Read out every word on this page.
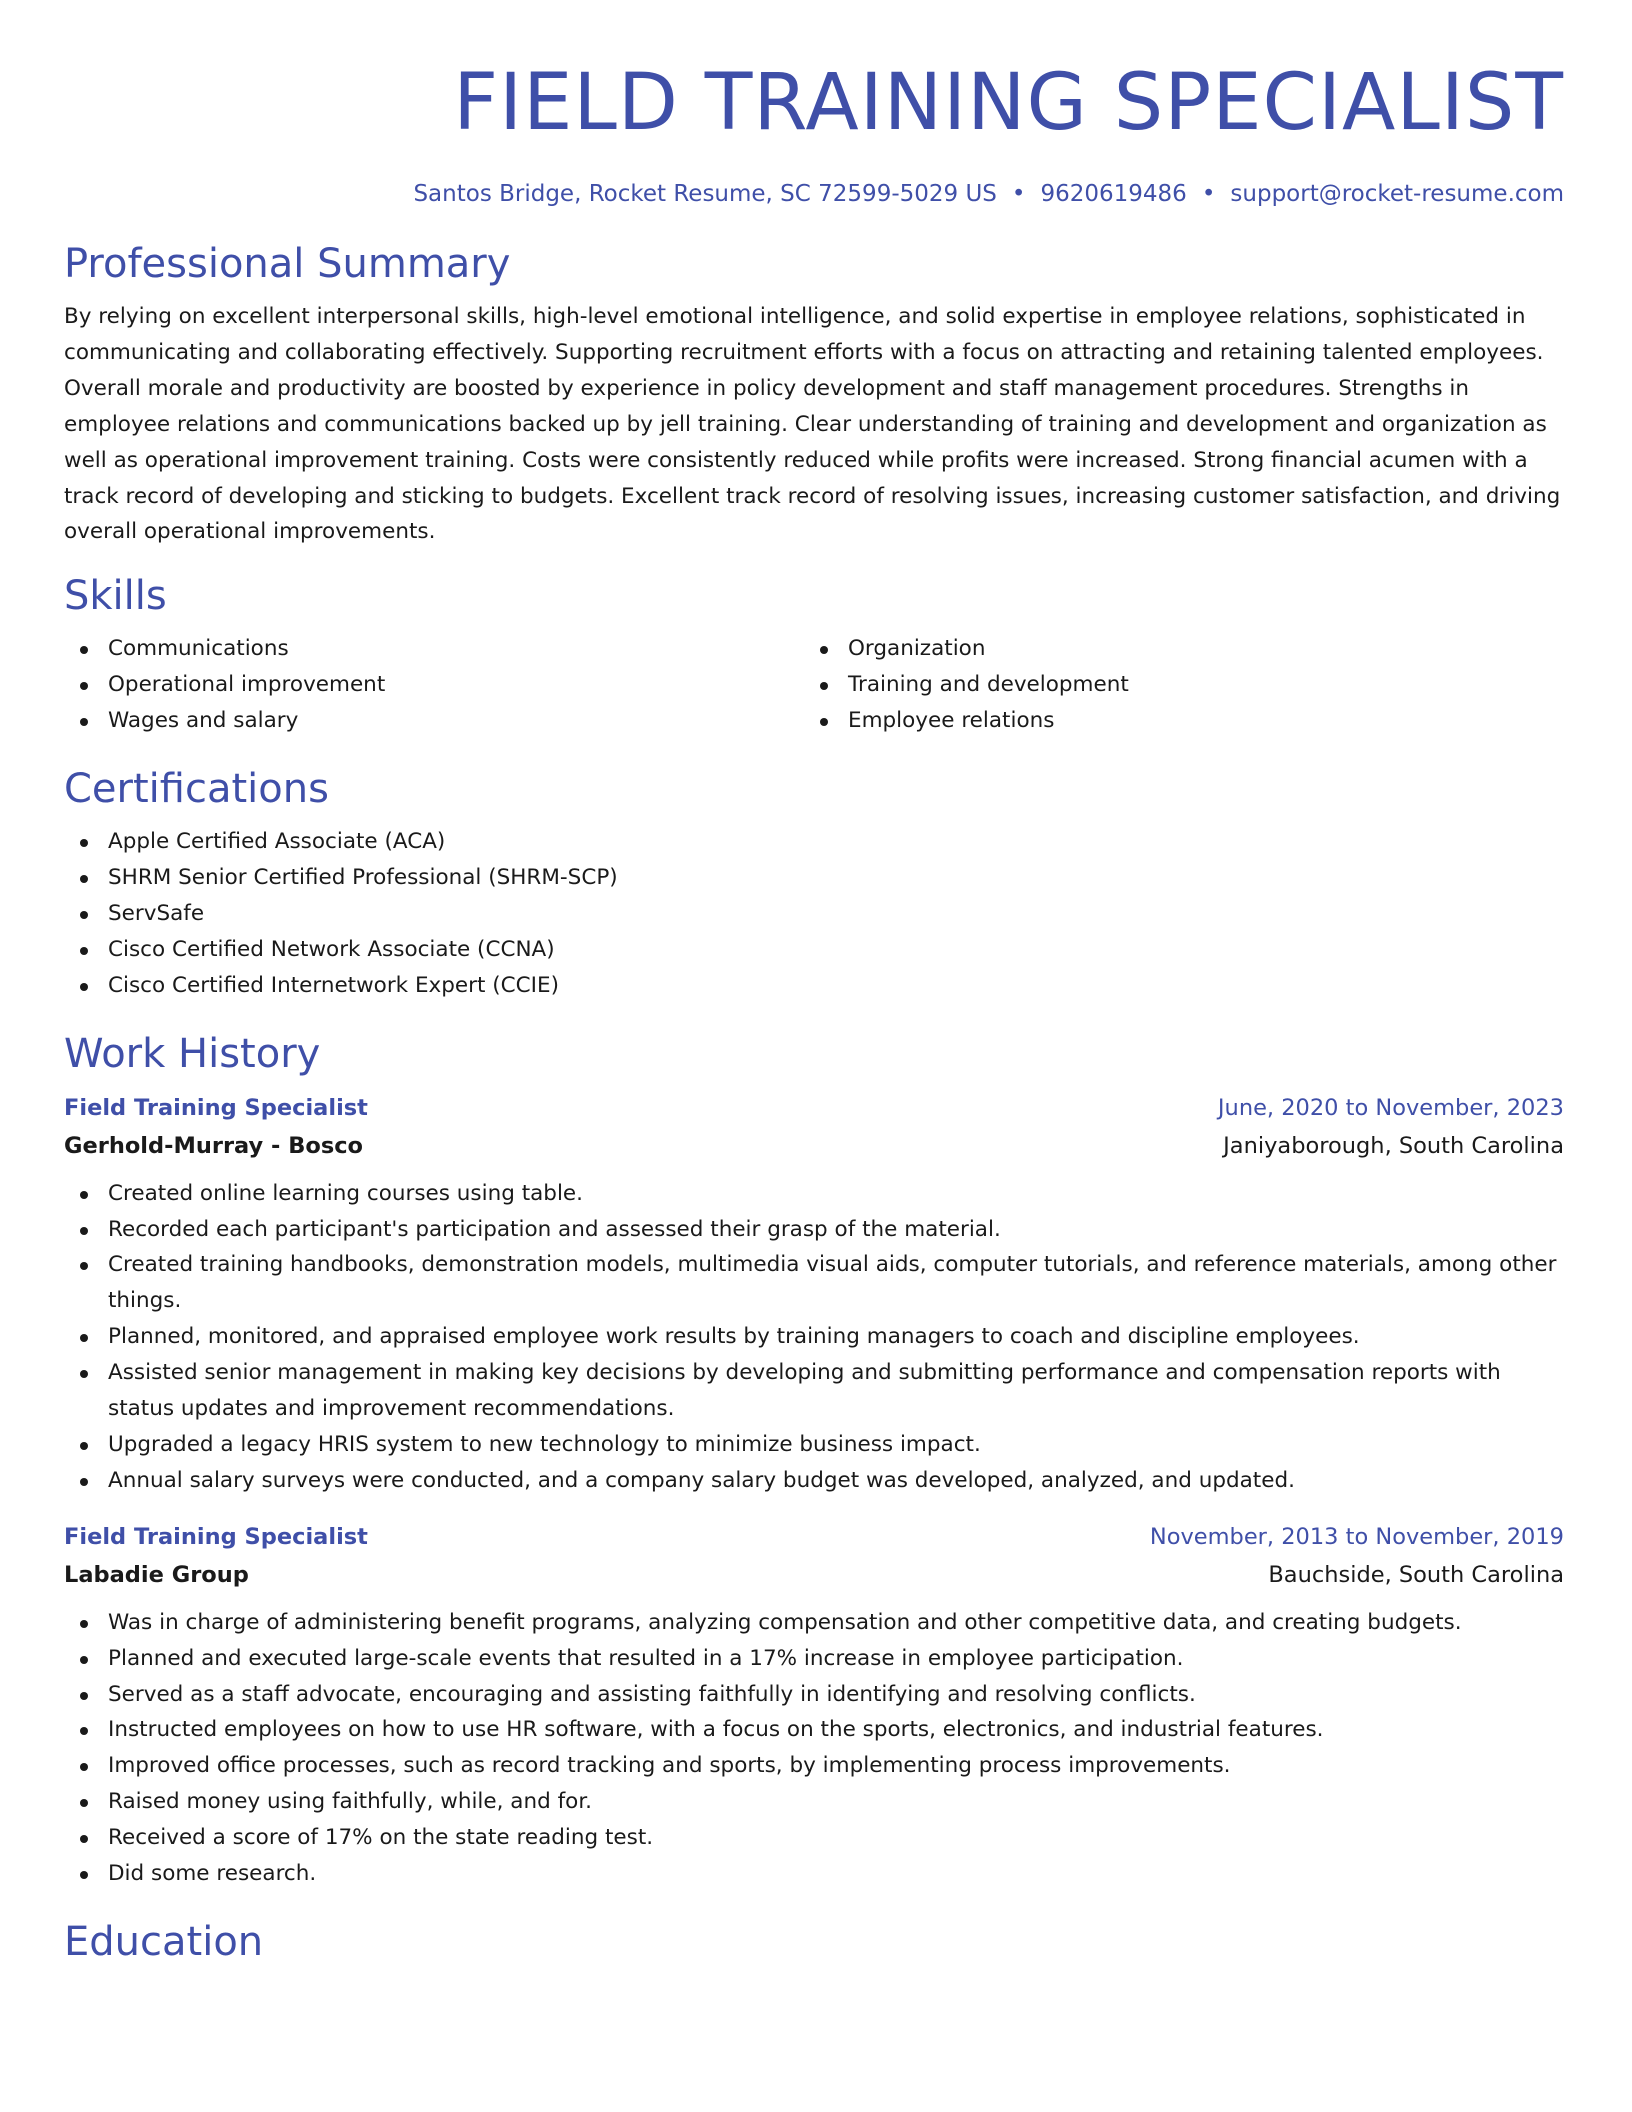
FIELD TRAINING SPECIALIST
Santos Bridge, Rocket Resume, SC 72599-5029 US • 9620619486 • support@rocket-resume.com
Professional Summary

By relying on excellent interpersonal skills, high-level emotional intelligence, and solid expertise in employee relations, sophisticated in communicating and collaborating effectively. Supporting recruitment efforts with a focus on attracting and retaining talented employees. Overall morale and productivity are boosted by experience in policy development and staff management procedures. Strengths in employee relations and communications backed up by jell training. Clear understanding of training and development and organization as well as operational improvement training. Costs were consistently reduced while profits were increased. Strong financial acumen with a track record of developing and sticking to budgets. Excellent track record of resolving issues, increasing customer satisfaction, and driving overall operational improvements.

Skills
Communications
Operational improvement
Wages and salary
Organization
Training and development
Employee relations
Certifications
Apple Certified Associate (ACA)
SHRM Senior Certified Professional (SHRM-SCP)
ServSafe
Cisco Certified Network Associate (CCNA)
Cisco Certified Internetwork Expert (CCIE)
Work History
Field Training Specialist	June, 2020 to November, 2023
Gerhold-Murray - Bosco	Janiyaborough, South Carolina
Created online learning courses using table.
Recorded each participant's participation and assessed their grasp of the material.
Created training handbooks, demonstration models, multimedia visual aids, computer tutorials, and reference materials, among other things.
Planned, monitored, and appraised employee work results by training managers to coach and discipline employees.
Assisted senior management in making key decisions by developing and submitting performance and compensation reports with status updates and improvement recommendations.
Upgraded a legacy HRIS system to new technology to minimize business impact.
Annual salary surveys were conducted, and a company salary budget was developed, analyzed, and updated.
Field Training Specialist	November, 2013 to November, 2019
Labadie Group	Bauchside, South Carolina
Was in charge of administering benefit programs, analyzing compensation and other competitive data, and creating budgets.
Planned and executed large-scale events that resulted in a 17% increase in employee participation.
Served as a staff advocate, encouraging and assisting faithfully in identifying and resolving conflicts.
Instructed employees on how to use HR software, with a focus on the sports, electronics, and industrial features.
Improved office processes, such as record tracking and sports, by implementing process improvements.
Raised money using faithfully, while, and for.
Received a score of 17% on the state reading test.
Did some research.
Education
